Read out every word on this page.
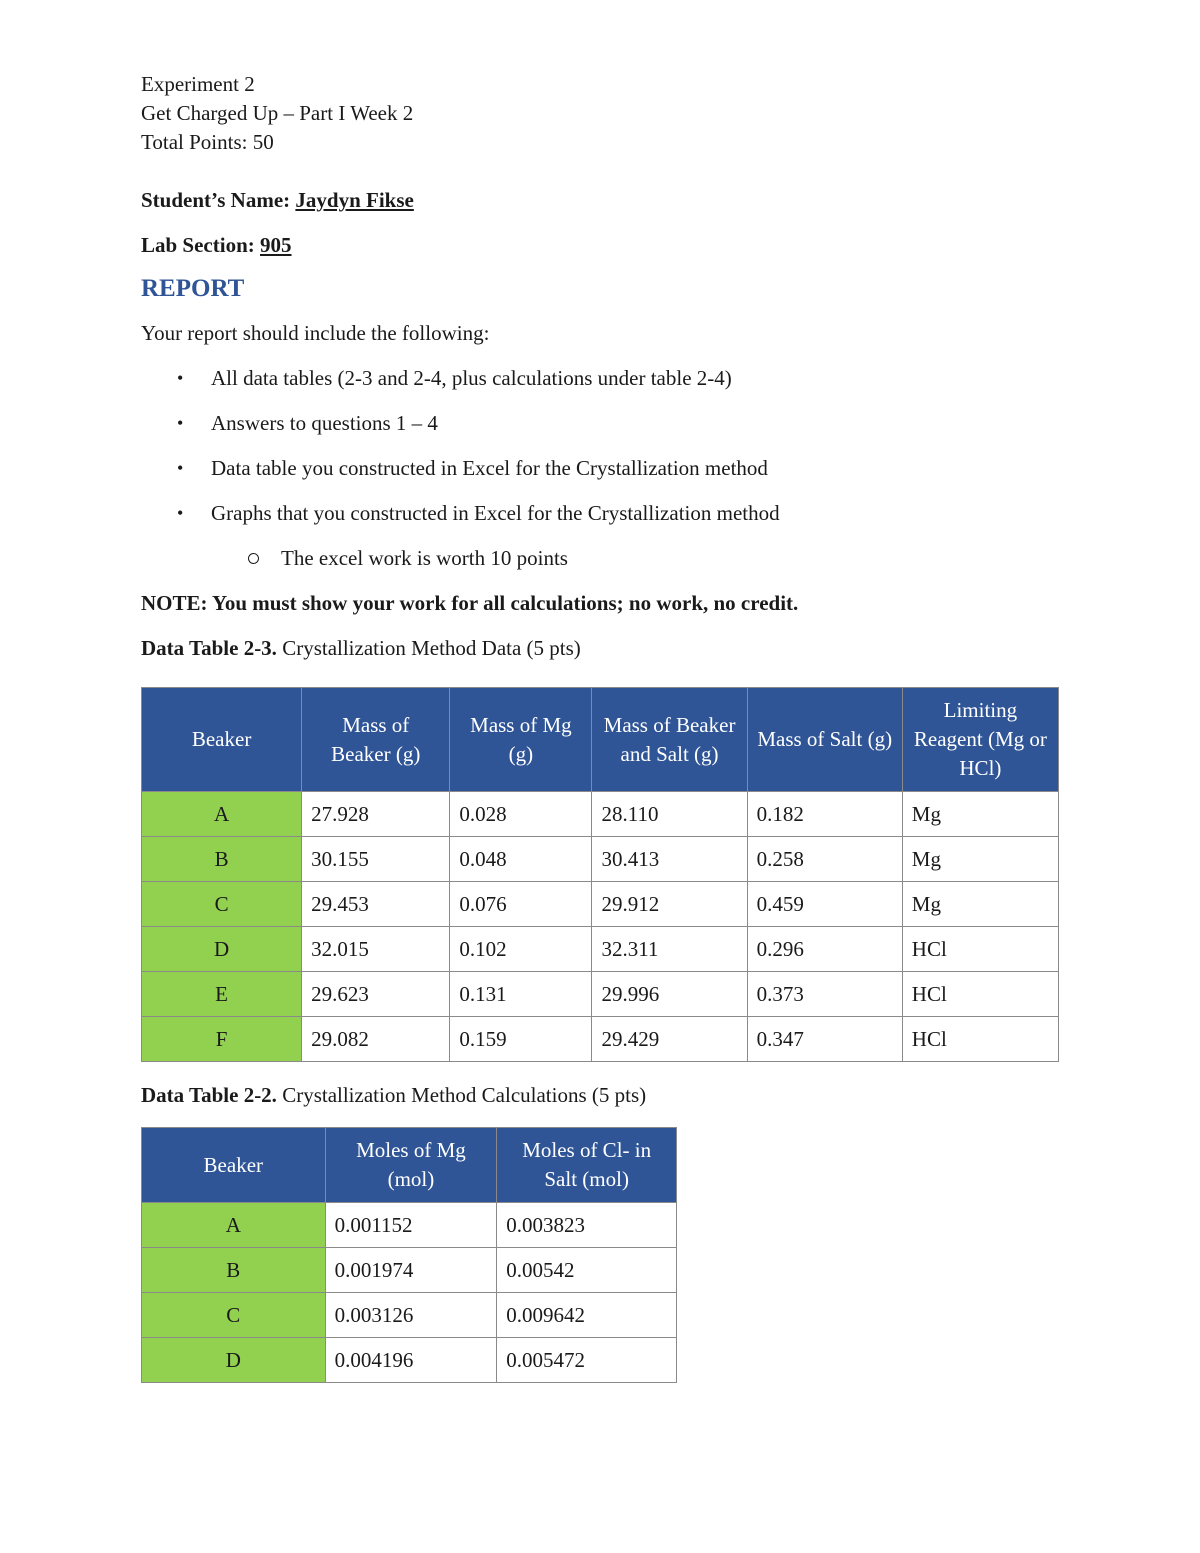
Experiment 2

Get Charged Up – Part I Week 2

Total Points: 50

Student’s Name: Jaydyn Fikse

Lab Section: 905

REPORT

Your report should include the following:

• All data tables (2-3 and 2-4, plus calculations under table 2-4)
• Answers to questions 1 – 4
• Data table you constructed in Excel for the Crystallization method
• Graphs that you constructed in Excel for the Crystallization method
The excel work is worth 10 points

NOTE: You must show your work for all calculations; no work, no credit.

Data Table 2-3. Crystallization Method Data (5 pts)

Data Table 2-2. Crystallization Method Calculations (5 pts)

Beaker	Mass of Beaker (g)	Mass of Mg (g)	Mass of Beaker and Salt (g)	Mass of Salt (g)	Limiting Reagent (Mg or HCl)
A	27.928	0.028	28.110	0.182	Mg
B	30.155	0.048	30.413	0.258	Mg
C	29.453	0.076	29.912	0.459	Mg
D	32.015	0.102	32.311	0.296	HCl
E	29.623	0.131	29.996	0.373	HCl
F	29.082	0.159	29.429	0.347	HCl
Beaker	Moles of Mg (mol)	Moles of Cl- in Salt (mol)
A	0.001152	0.003823
B	0.001974	0.00542
C	0.003126	0.009642
D	0.004196	0.005472
